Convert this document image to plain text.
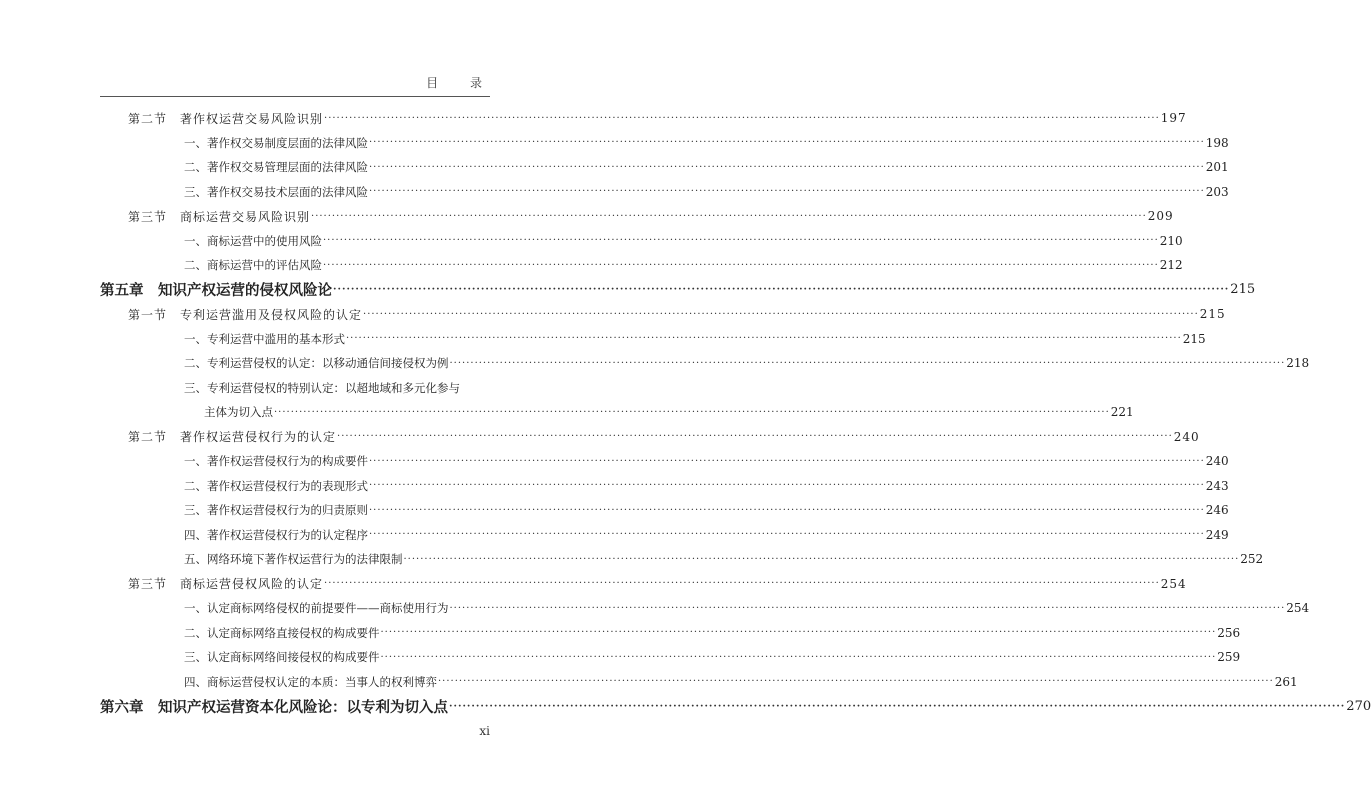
目 录
第二节 著作权运营交易风险识别 ········································································································································································································ 197
一、著作权交易制度层面的法律风险 ········································································································································································································ 198
二、著作权交易管理层面的法律风险 ········································································································································································································ 201
三、著作权交易技术层面的法律风险 ········································································································································································································ 203
第三节 商标运营交易风险识别 ········································································································································································································ 209
一、商标运营中的使用风险 ········································································································································································································ 210
二、商标运营中的评估风险 ········································································································································································································ 212
第五章　知识产权运营的侵权风险论 ········································································································································································································ 215
第一节 专利运营滥用及侵权风险的认定 ········································································································································································································ 215
一、专利运营中滥用的基本形式 ········································································································································································································ 215
二、专利运营侵权的认定：以移动通信间接侵权为例 ········································································································································································································ 218
三、专利运营侵权的特别认定：以超地域和多元化参与
主体为切入点 ········································································································································································································ 221
第二节 著作权运营侵权行为的认定 ········································································································································································································ 240
一、著作权运营侵权行为的构成要件 ········································································································································································································ 240
二、著作权运营侵权行为的表现形式 ········································································································································································································ 243
三、著作权运营侵权行为的归责原则 ········································································································································································································ 246
四、著作权运营侵权行为的认定程序 ········································································································································································································ 249
五、网络环境下著作权运营行为的法律限制 ········································································································································································································ 252
第三节 商标运营侵权风险的认定 ········································································································································································································ 254
一、认定商标网络侵权的前提要件——商标使用行为 ········································································································································································································ 254
二、认定商标网络直接侵权的构成要件 ········································································································································································································ 256
三、认定商标网络间接侵权的构成要件 ········································································································································································································ 259
四、商标运营侵权认定的本质：当事人的权利博弈 ········································································································································································································ 261
第六章　知识产权运营资本化风险论：以专利为切入点 ········································································································································································································ 270
xi
